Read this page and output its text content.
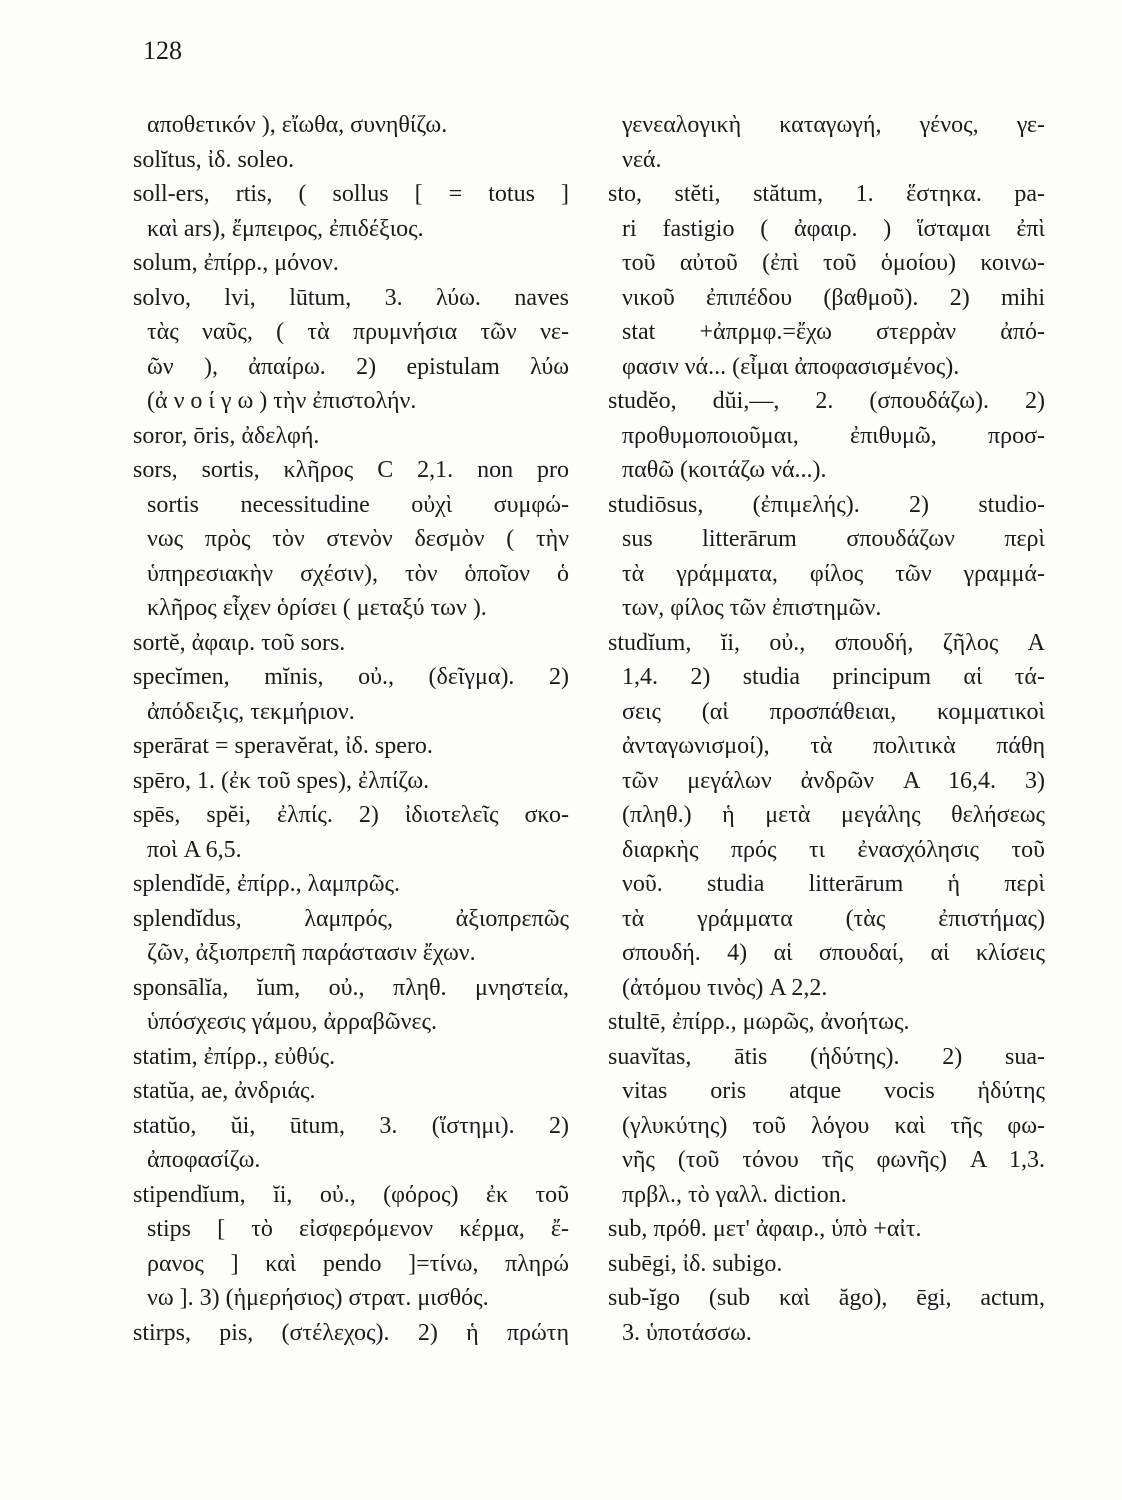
128
αποθετικόν ), εἴωθα, συνηθίζω.
solĭtus, ἰδ. soleo.
soll-ers, rtis, ( sollus [ = totus ]
καὶ ars), ἔμπειρος, ἐπιδέξιος.
solum, ἐπίρρ., μόνον.
solvo, lvi, lūtum, 3. λύω. naves
τὰς ναῦς, ( τὰ πρυμνήσια τῶν νε-
ῶν ), ἀπαίρω. 2) epistulam λύω
(ἀ ν ο ί γ ω ) τὴν ἐπιστολήν.
soror, ōris, ἀδελφή.
sors, sortis, κλῆρος C 2,1. non pro
sortis necessitudine οὐχὶ συμφώ-
νως πρὸς τὸν στενὸν δεσμὸν ( τὴν
ὑπηρεσιακὴν σχέσιν), τὸν ὁποῖον ὁ
κλῆρος εἶχεν ὁρίσει ( μεταξύ των ).
sortĕ, ἀφαιρ. τοῦ sors.
specĭmen, mĭnis, οὐ., (δεῖγμα). 2)
ἀπόδειξις, τεκμήριον.
sperārat = speravĕrat, ἰδ. spero.
spēro, 1. (ἐκ τοῦ spes), ἐλπίζω.
spēs, spĕi, ἐλπίς. 2) ἰδιοτελεῖς σκο-
ποὶ A 6,5.
splendĭdē, ἐπίρρ., λαμπρῶς.
splendĭdus, λαμπρός, ἀξιοπρεπῶς
ζῶν, ἀξιοπρεπῆ παράστασιν ἔχων.
sponsālĭa, ĭum, οὐ., πληθ. μνηστεία,
ὑπόσχεσις γάμου, ἀρραβῶνες.
statim, ἐπίρρ., εὐθύς.
statŭa, ae, ἀνδριάς.
statŭo, ŭi, ūtum, 3. (ἵστημι). 2)
ἀποφασίζω.
stipendĭum, ĭi, οὐ., (φόρος) ἐκ τοῦ
stips [ τὸ εἰσφερόμενον κέρμα, ἔ-
ρανος ] καὶ pendo ]=τίνω, πληρώ
νω ]. 3) (ἡμερήσιος) στρατ. μισθός.
stirps, pis, (στέλεχος). 2) ἡ πρώτη
γενεαλογικὴ καταγωγή, γένος, γε-
νεά.
sto, stĕti, stătum, 1. ἕστηκα. pa-
ri fastigio ( ἀφαιρ. ) ἵσταμαι ἐπὶ
τοῦ αὐτοῦ (ἐπὶ τοῦ ὁμοίου) κοινω-
νικοῦ ἐπιπέδου (βαθμοῦ). 2) mihi
stat +ἀπρμφ.=ἔχω στερρὰν ἀπό-
φασιν νά... (εἶμαι ἀποφασισμένος).
studĕo, dŭi,—, 2. (σπουδάζω). 2)
προθυμοποιοῦμαι, ἐπιθυμῶ, προσ-
παθῶ (κοιτάζω νά...).
studiōsus, (ἐπιμελής). 2) studio-
sus litterārum σπουδάζων περὶ
τὰ γράμματα, φίλος τῶν γραμμά-
των, φίλος τῶν ἐπιστημῶν.
studĭum, ĭi, οὐ., σπουδή, ζῆλος A
1,4. 2) studia principum αἱ τά-
σεις (αἱ προσπάθειαι, κομματικοὶ
ἀνταγωνισμοί), τὰ πολιτικὰ πάθη
τῶν μεγάλων ἀνδρῶν A 16,4. 3)
(πληθ.) ἡ μετὰ μεγάλης θελήσεως
διαρκὴς πρός τι ἐνασχόλησις τοῦ
νοῦ. studia litterārum ἡ περὶ
τὰ γράμματα (τὰς ἐπιστήμας)
σπουδή. 4) αἱ σπουδαί, αἱ κλίσεις
(ἀτόμου τινὸς) A 2,2.
stultē, ἐπίρρ., μωρῶς, ἀνοήτως.
suavĭtas, ātis (ἡδύτης). 2) sua-
vitas oris atque vocis ἡδύτης
(γλυκύτης) τοῦ λόγου καὶ τῆς φω-
νῆς (τοῦ τόνου τῆς φωνῆς) A 1,3.
πρβλ., τὸ γαλλ. diction.
sub, πρόθ. μετ' ἀφαιρ., ὑπὸ +αἰτ.
subēgi, ἰδ. subigo.
sub-ĭgo (sub καὶ ăgo), ēgi, actum,
3. ὑποτάσσω.
